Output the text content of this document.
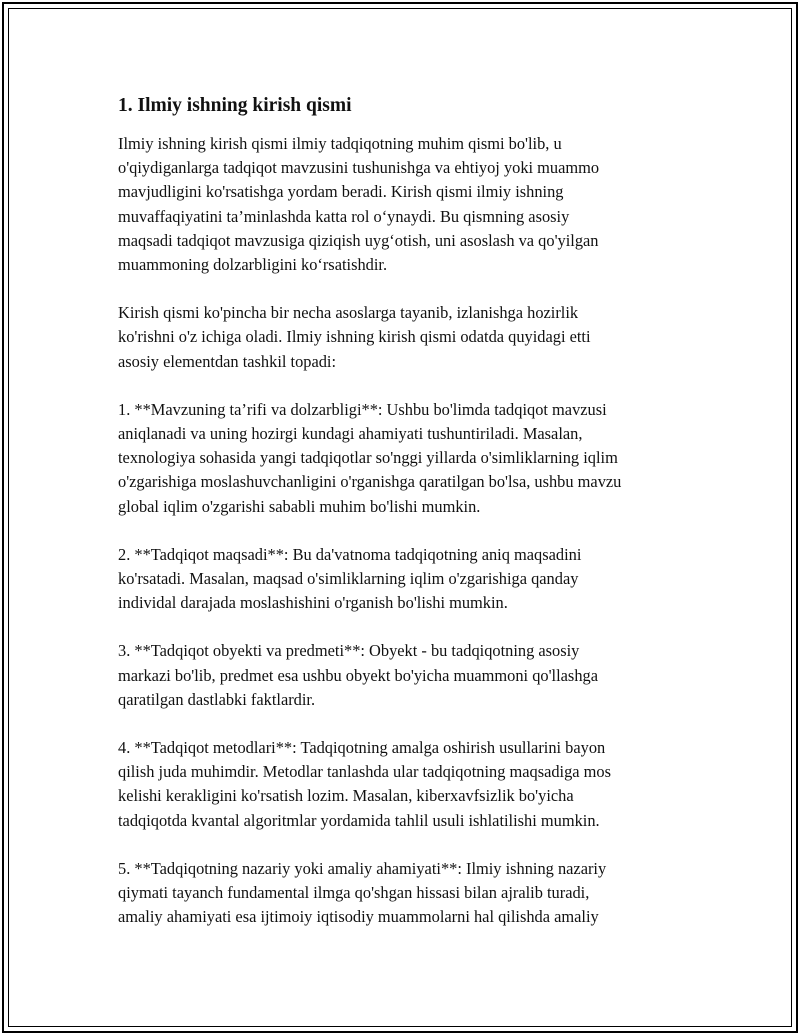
1. Ilmiy ishning kirish qismi
Ilmiy ishning kirish qismi ilmiy tadqiqotning muhim qismi bo'lib, u
o'qiydiganlarga tadqiqot mavzusini tushunishga va ehtiyoj yoki muammo
mavjudligini ko'rsatishga yordam beradi. Kirish qismi ilmiy ishning
muvaffaqiyatini ta’minlashda katta rol o‘ynaydi. Bu qismning asosiy
maqsadi tadqiqot mavzusiga qiziqish uyg‘otish, uni asoslash va qo'yilgan
muammoning dolzarbligini ko‘rsatishdir.
Kirish qismi ko'pincha bir necha asoslarga tayanib, izlanishga hozirlik
ko'rishni o'z ichiga oladi. Ilmiy ishning kirish qismi odatda quyidagi etti
asosiy elementdan tashkil topadi:
1. **Mavzuning ta’rifi va dolzarbligi**: Ushbu bo'limda tadqiqot mavzusi
aniqlanadi va uning hozirgi kundagi ahamiyati tushuntiriladi. Masalan,
texnologiya sohasida yangi tadqiqotlar so'nggi yillarda o'simliklarning iqlim
o'zgarishiga moslashuvchanligini o'rganishga qaratilgan bo'lsa, ushbu mavzu
global iqlim o'zgarishi sababli muhim bo'lishi mumkin.
2. **Tadqiqot maqsadi**: Bu da'vatnoma tadqiqotning aniq maqsadini
ko'rsatadi. Masalan, maqsad o'simliklarning iqlim o'zgarishiga qanday
individal darajada moslashishini o'rganish bo'lishi mumkin.
3. **Tadqiqot obyekti va predmeti**: Obyekt - bu tadqiqotning asosiy
markazi bo'lib, predmet esa ushbu obyekt bo'yicha muammoni qo'llashga
qaratilgan dastlabki faktlardir.
4. **Tadqiqot metodlari**: Tadqiqotning amalga oshirish usullarini bayon
qilish juda muhimdir. Metodlar tanlashda ular tadqiqotning maqsadiga mos
kelishi kerakligini ko'rsatish lozim. Masalan, kiberxavfsizlik bo'yicha
tadqiqotda kvantal algoritmlar yordamida tahlil usuli ishlatilishi mumkin.
5. **Tadqiqotning nazariy yoki amaliy ahamiyati**: Ilmiy ishning nazariy
qiymati tayanch fundamental ilmga qo'shgan hissasi bilan ajralib turadi,
amaliy ahamiyati esa ijtimoiy iqtisodiy muammolarni hal qilishda amaliy
